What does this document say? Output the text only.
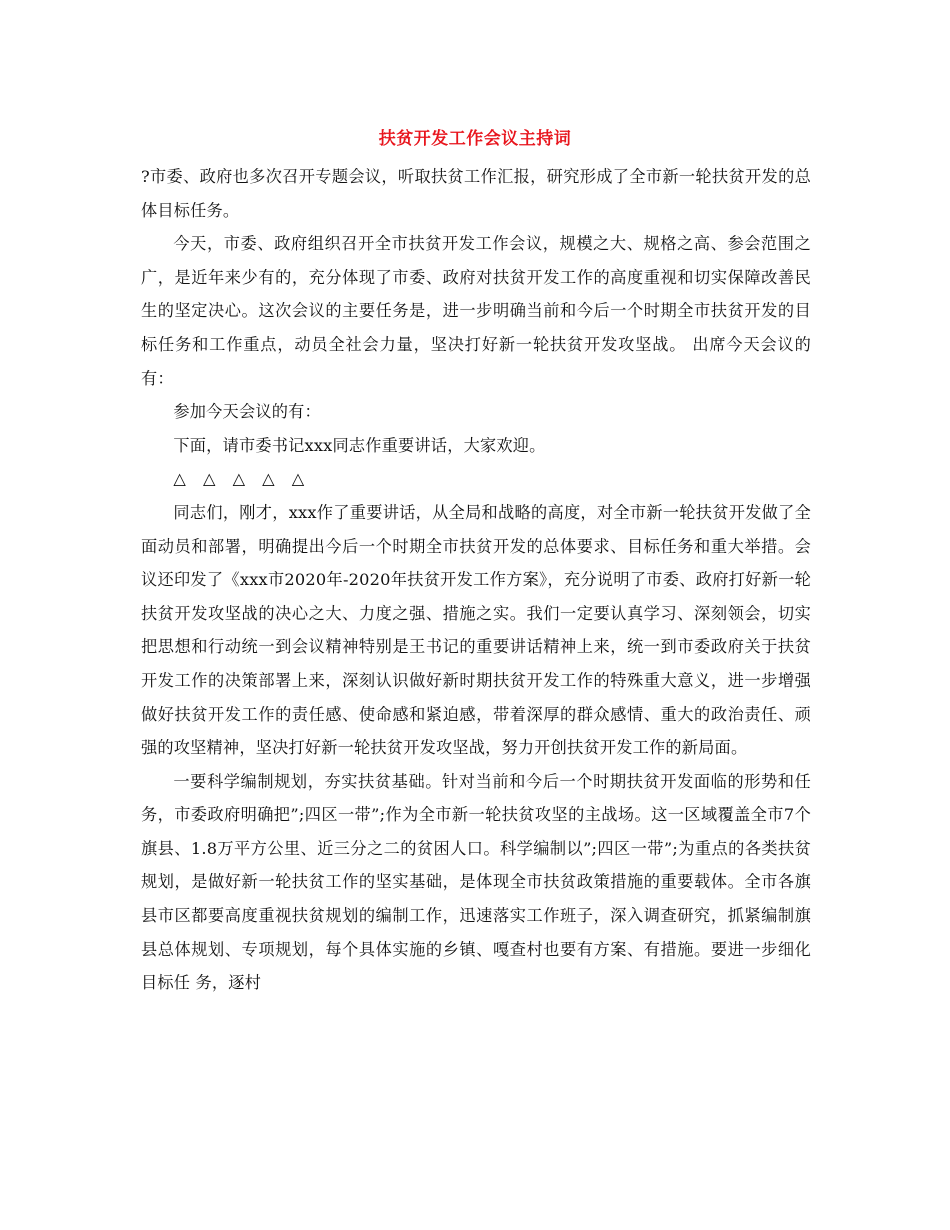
扶贫开发工作会议主持词

?市委、政府也多次召开专题会议，听取扶贫工作汇报，研究形成了全市新一轮扶贫开发的总体目标任务。

今天，市委、政府组织召开全市扶贫开发工作会议，规模之大、规格之高、参会范围之广，是近年来少有的，充分体现了市委、政府对扶贫开发工作的高度重视和切实保障改善民生的坚定决心。这次会议的主要任务是，进一步明确当前和今后一个时期全市扶贫开发的目标任务和工作重点，动员全社会力量，坚决打好新一轮扶贫开发攻坚战。 出席今天会议的有：

参加今天会议的有：

下面，请市委书记xxx同志作重要讲话，大家欢迎。

△ △ △ △ △

同志们，刚才，xxx作了重要讲话，从全局和战略的高度，对全市新一轮扶贫开发做了全面动员和部署，明确提出今后一个时期全市扶贫开发的总体要求、目标任务和重大举措。会议还印发了《xxx市2020年-2020年扶贫开发工作方案》，充分说明了市委、政府打好新一轮扶贫开发攻坚战的决心之大、力度之强、措施之实。我们一定要认真学习、深刻领会，切实把思想和行动统一到会议精神特别是王书记的重要讲话精神上来，统一到市委政府关于扶贫开发工作的决策部署上来，深刻认识做好新时期扶贫开发工作的特殊重大意义，进一步增强做好扶贫开发工作的责任感、使命感和紧迫感，带着深厚的群众感情、重大的政治责任、顽强的攻坚精神，坚决打好新一轮扶贫开发攻坚战，努力开创扶贫开发工作的新局面。

一要科学编制规划，夯实扶贫基础。针对当前和今后一个时期扶贫开发面临的形势和任务，市委政府明确把”;四区一带”;作为全市新一轮扶贫攻坚的主战场。这一区域覆盖全市7个旗县、1.8万平方公里、近三分之二的贫困人口。科学编制以”;四区一带”;为重点的各类扶贫规划，是做好新一轮扶贫工作的坚实基础，是体现全市扶贫政策措施的重要载体。全市各旗县市区都要高度重视扶贫规划的编制工作，迅速落实工作班子，深入调查研究，抓紧编制旗县总体规划、专项规划，每个具体实施的乡镇、嘎查村也要有方案、有措施。要进一步细化目标任 务，逐村
